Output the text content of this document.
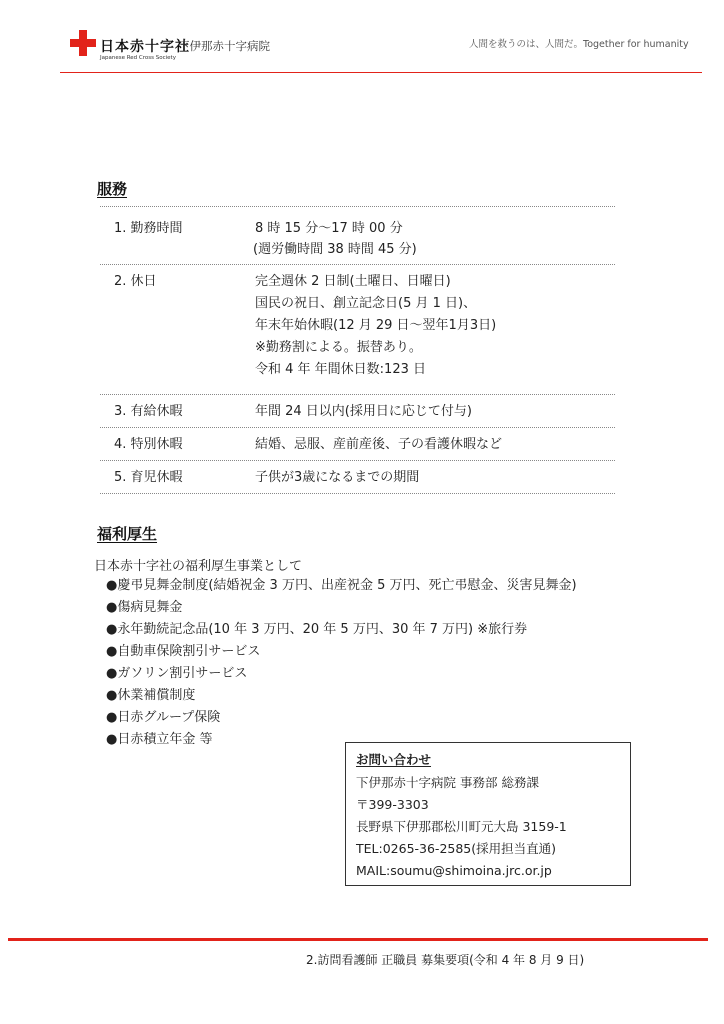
日本赤十字社
Japanese Red Cross Society
下伊那赤十字病院	人間を救うのは、人間だ。Together for humanity
服務
1. 勤務時間	8 時 15 分〜17 時 00 分
(週労働時間 38 時間 45 分)
2. 休日	完全週休 2 日制(土曜日、日曜日)
国民の祝日、創立記念日(5 月 1 日)、
年末年始休暇(12 月 29 日〜翌年1月3日)
※勤務割による。振替あり。
令和 4 年 年間休日数:123 日
3. 有給休暇	年間 24 日以内(採用日に応じて付与)
4. 特別休暇	結婚、忌服、産前産後、子の看護休暇など
5. 育児休暇	子供が3歳になるまでの期間
福利厚生
日本赤十字社の福利厚生事業として
●慶弔見舞金制度(結婚祝金 3 万円、出産祝金 5 万円、死亡弔慰金、災害見舞金)
●傷病見舞金
●永年勤続記念品(10 年 3 万円、20 年 5 万円、30 年 7 万円) ※旅行券
●自動車保険割引サービス
●ガソリン割引サービス
●休業補償制度
●日赤グループ保険
●日赤積立年金 等
お問い合わせ
下伊那赤十字病院 事務部 総務課
〒399-3303
長野県下伊那郡松川町元大島 3159-1
TEL:0265-36-2585(採用担当直通)
MAIL:soumu@shimoina.jrc.or.jp
2.訪問看護師 正職員 募集要項(令和 4 年 8 月 9 日)
